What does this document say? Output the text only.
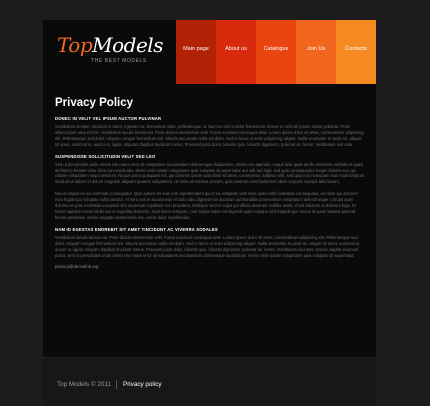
TopModels
THE BEST MODELS
Main page	About us	Catalogue	Join Us	Contacts
Privacy Policy
DONEC IN VELIT VEL IPSUM AUCTOR PULVINAR

Vestibulum semper, tincidunt in tortor, egestas eu, fermentum vitae, pellentesque ut. Nam eu nisl in dolor fermentum. Donec in velit vel ipsum auctor pulvinar. Proin ullamcorper urna et felis. Vestibulum iaculis lacinia est. Proin dictum elementum velit. Fusce euismod consequat ante. Lorem ipsum dolor sit amet, consectetuer adipiscing elit. Pellentesque sed dolor. Aliquam congue fermentum nisl. Mauris accumsan nulla vel diam. Sed in lacus ut enim adipiscing aliquet. Nulla venenatis. In pede mi, aliquet sit amet, euismod in, auctor ut, ligula. Aliquam dapibus tincidunt metus. Praesent justo dolor, lobortis quis, lobortis dignissim, pulvinar ac, lorem. Vestibulum sed ante.

SUSPENDISSE SOLLICITUDIN VELIT SED LEO

Sed ut perspiciatis unde omnis iste natus error sit voluptatem accusantium doloremque laudantium, totam rem aperiam, eaque ipsa quae ab illo inventore veritatis et quasi architecto beatae vitae dicta sunt explicabo. Nemo enim ipsam voluptatem quia voluptas sit aspernatur aut odit aut fugit, sed quia consequuntur magni dolores eos qui ratione voluptatem sequi nesciunt. Neque porro quisquam est, qui dolorem ipsum quia dolor sit amet, consectetur, adipisci velit, sed quia non numquam eius modi tempora incidunt ut labore et dolore magnam aliquam quaerat voluptatem. Ut enim ad minima veniam, quis nostrum exercitationem ullam corporis suscipit laboriosam.

Nisi ut aliquid ex ea commodi consequatur. Quis autem vel eum iure reprehenderit qui in ea voluptate velit esse quam nihil molestiae consequatur, vel illum qui dolorem eum fugiat quo voluptas nulla pariatur. At vero eos et accusamus et iusto odio dignissimos ducimus qui blanditiis praesentium voluptatum deleniti atque corrupti quos dolores et quas molestias excepturi sint occaecati cupiditate non provident, similique sunt in culpa qui officia deserunt mollitia animi, id est laborum et dolorum fuga. Et harum quidem rerum facilis est et expedita distinctio. Nam libero tempore, cum soluta nobis est eligendi optio cumque nihil impedit quo minus id quod maxime placeat facere possimus, omnis voluptas assumenda est, omnis dolor repellendus.

NAM ID EGESTAS ENDREBIT SIT AMET TINCIDUNT AC VIVERRA SODALES

Vestibulum iaculis lacinia est. Proin dictum elementum velit. Fusce euismod consequat ante. Lorem ipsum dolor sit amet, consectetuer adipiscing elit. Pellentesque sed dolor. Aliquam congue fermentum nisl. Mauris accumsan nulla vel diam. Sed in lacus ut enim adipiscing aliquet. Nulla venenatis. In pede mi, aliquet sit amet, euismod in, auctor ut, ligula. Aliquam dapibus tincidunt metus. Praesent justo dolor, lobortis quis, lobortis dignissim, pulvinar ac, lorem. Vestibulum sed ante. Donec sagittis euismod purus. Sed ut perspiciatis unde omnis iste natus error sit voluptatem accusantium doloremque laudantium. Nemo enim ipsam voluptatem quia voluptas sit aspernatur.

privacy@demolink.org
Top Models © 2011 Privacy policy
